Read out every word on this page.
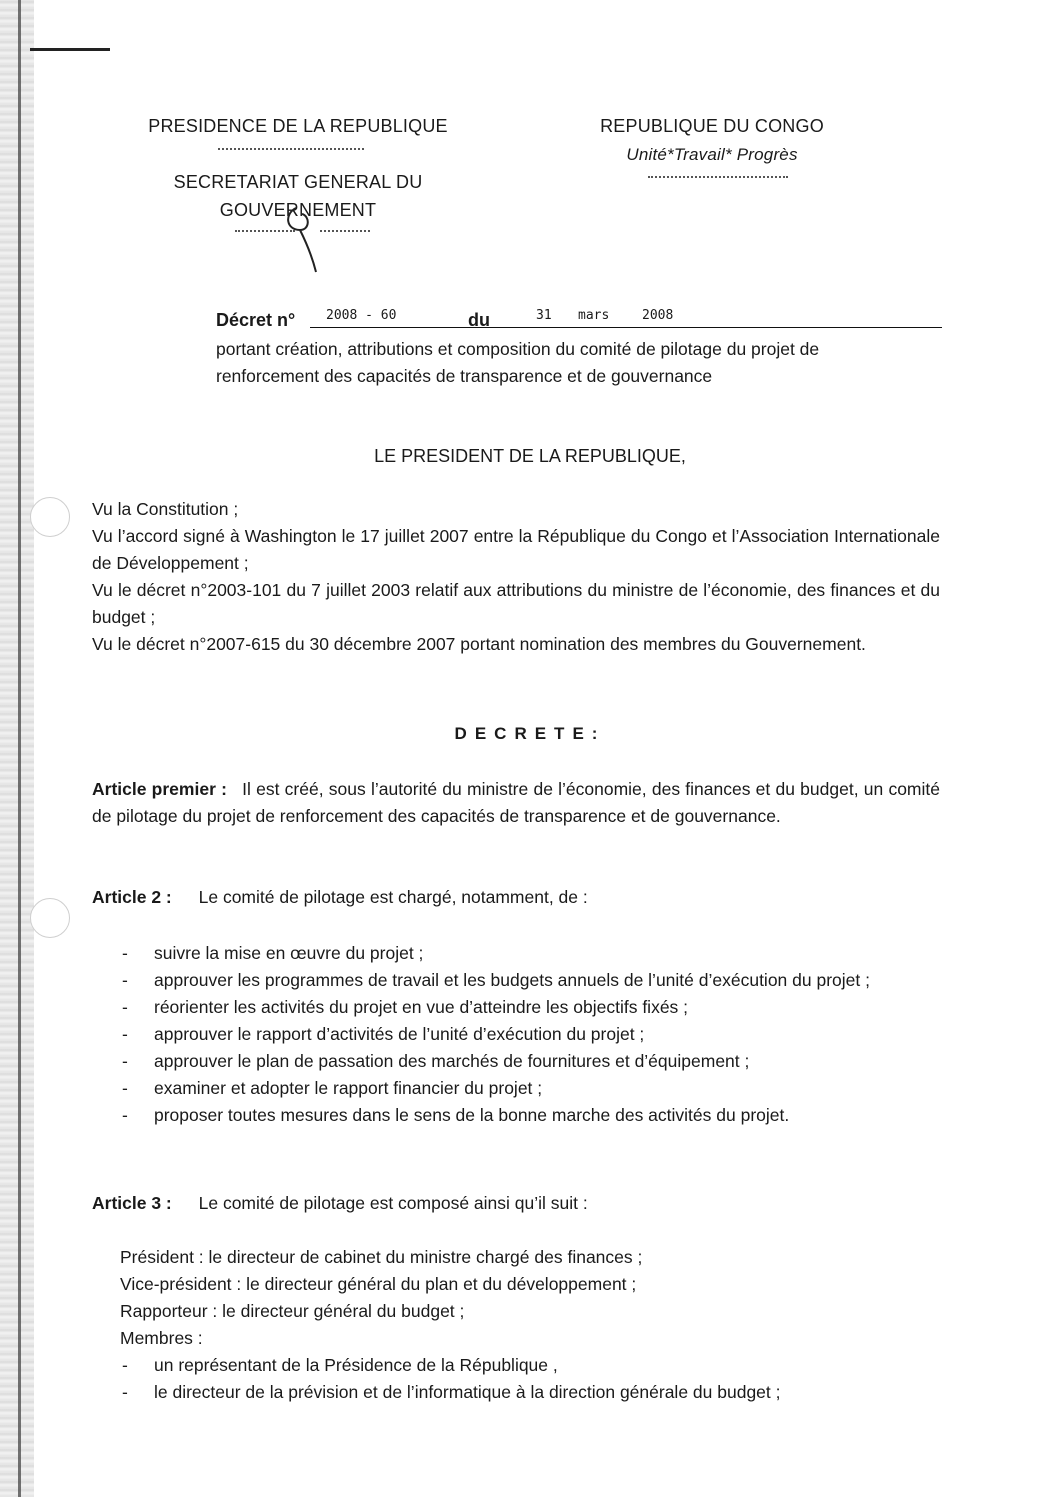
PRESIDENCE DE LA REPUBLIQUE
SECRETARIAT GENERAL DU
GOUVERNEMENT
REPUBLIQUE DU CONGO
Unité*Travail* Progrès
Décret n° 2008 - 60	du	31 mars	2008
portant création, attributions et composition du comité de pilotage du projet de
renforcement des capacités de transparence et de gouvernance
LE PRESIDENT DE LA REPUBLIQUE,
Vu la Constitution ;
Vu l’accord signé à Washington le 17 juillet 2007 entre la République du Congo et l’Association Internationale de Développement ;
Vu le décret n°2003-101 du 7 juillet 2003 relatif aux attributions du ministre de l’économie, des finances et du budget ;
Vu le décret n°2007-615 du 30 décembre 2007 portant nomination des membres du Gouvernement.
DECRETE:
Article premier : Il est créé, sous l’autorité du ministre de l’économie, des finances et du budget, un comité de pilotage du projet de renforcement des capacités de transparence et de gouvernance.
Article 2 : Le comité de pilotage est chargé, notamment, de :
- suivre la mise en œuvre du projet ;
- approuver les programmes de travail et les budgets annuels de l’unité d’exécution du projet ;
- réorienter les activités du projet en vue d’atteindre les objectifs fixés ;
- approuver le rapport d’activités de l’unité d’exécution du projet ;
- approuver le plan de passation des marchés de fournitures et d’équipement ;
- examiner et adopter le rapport financier du projet ;
- proposer toutes mesures dans le sens de la bonne marche des activités du projet.
Article 3 : Le comité de pilotage est composé ainsi qu’il suit :
Président : le directeur de cabinet du ministre chargé des finances ;
Vice-président : le directeur général du plan et du développement ;
Rapporteur : le directeur général du budget ;
Membres :
- un représentant de la Présidence de la République ,
- le directeur de la prévision et de l’informatique à la direction générale du budget ;
